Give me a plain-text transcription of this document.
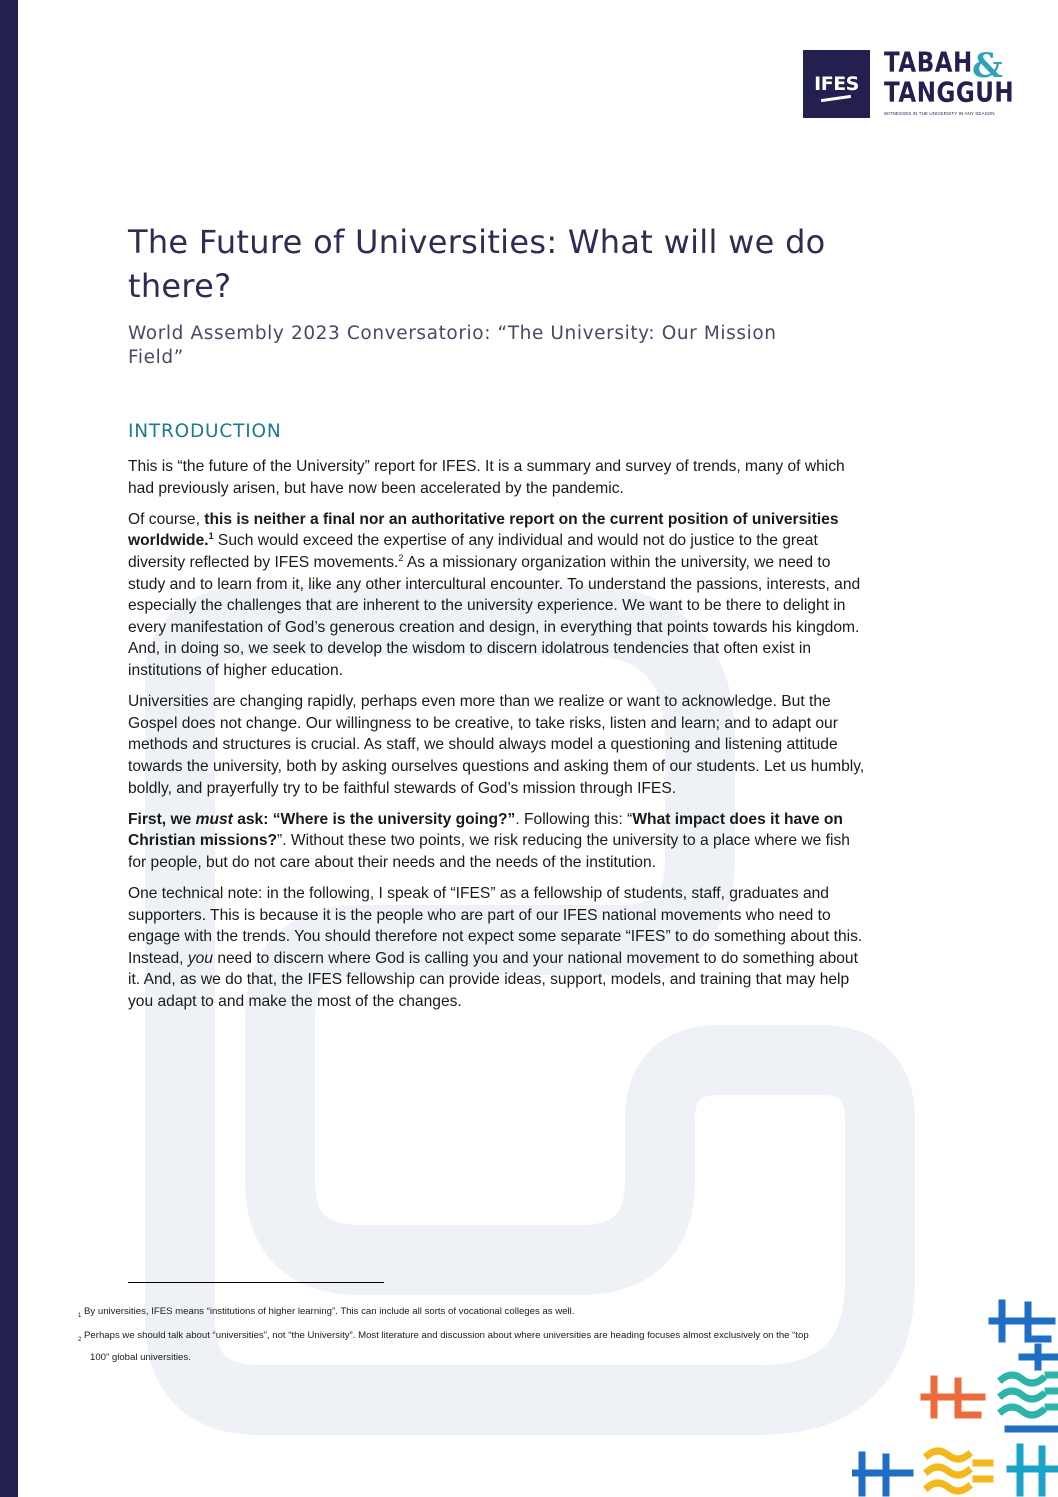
IFES
TABAH &
TANGGUH
WITNESSES IN THE UNIVERSITY IN ANY SEASON
The Future of Universities: What will we do there?

World Assembly 2023 Conversatorio: “The University: Our Mission Field”

INTRODUCTION

This is “the future of the University” report for IFES. It is a summary and survey of trends, many of which had previously arisen, but have now been accelerated by the pandemic.

Of course, this is neither a final nor an authoritative report on the current position of universities worldwide.$^1$ Such would exceed the expertise of any individual and would not do justice to the great diversity reflected by IFES movements.$^2$ As a missionary organization within the university, we need to study and to learn from it, like any other intercultural encounter. To understand the passions, interests, and especially the challenges that are inherent to the university experience. We want to be there to delight in every manifestation of God’s generous creation and design, in everything that points towards his kingdom. And, in doing so, we seek to develop the wisdom to discern idolatrous tendencies that often exist in institutions of higher education.

Universities are changing rapidly, perhaps even more than we realize or want to acknowledge. But the Gospel does not change. Our willingness to be creative, to take risks, listen and learn; and to adapt our methods and structures is crucial. As staff, we should always model a questioning and listening attitude towards the university, both by asking ourselves questions and asking them of our students. Let us humbly, boldly, and prayerfully try to be faithful stewards of God’s mission through IFES.

First, we must ask: “Where is the university going?”. Following this: “What impact does it have on Christian missions?”. Without these two points, we risk reducing the university to a place where we fish for people, but do not care about their needs and the needs of the institution.

One technical note: in the following, I speak of “IFES” as a fellowship of students, staff, graduates and supporters. This is because it is the people who are part of our IFES national movements who need to engage with the trends. You should therefore not expect some separate “IFES” to do something about this. Instead, you need to discern where God is calling you and your national movement to do something about it. And, as we do that, the IFES fellowship can provide ideas, support, models, and training that may help you adapt to and make the most of the changes.

$^1$ By universities, IFES means “institutions of higher learning”. This can include all sorts of vocational colleges as well.

$^2$ Perhaps we should talk about “universities”, not “the University”. Most literature and discussion about where universities are heading focuses almost exclusively on the “top
100” global universities.
